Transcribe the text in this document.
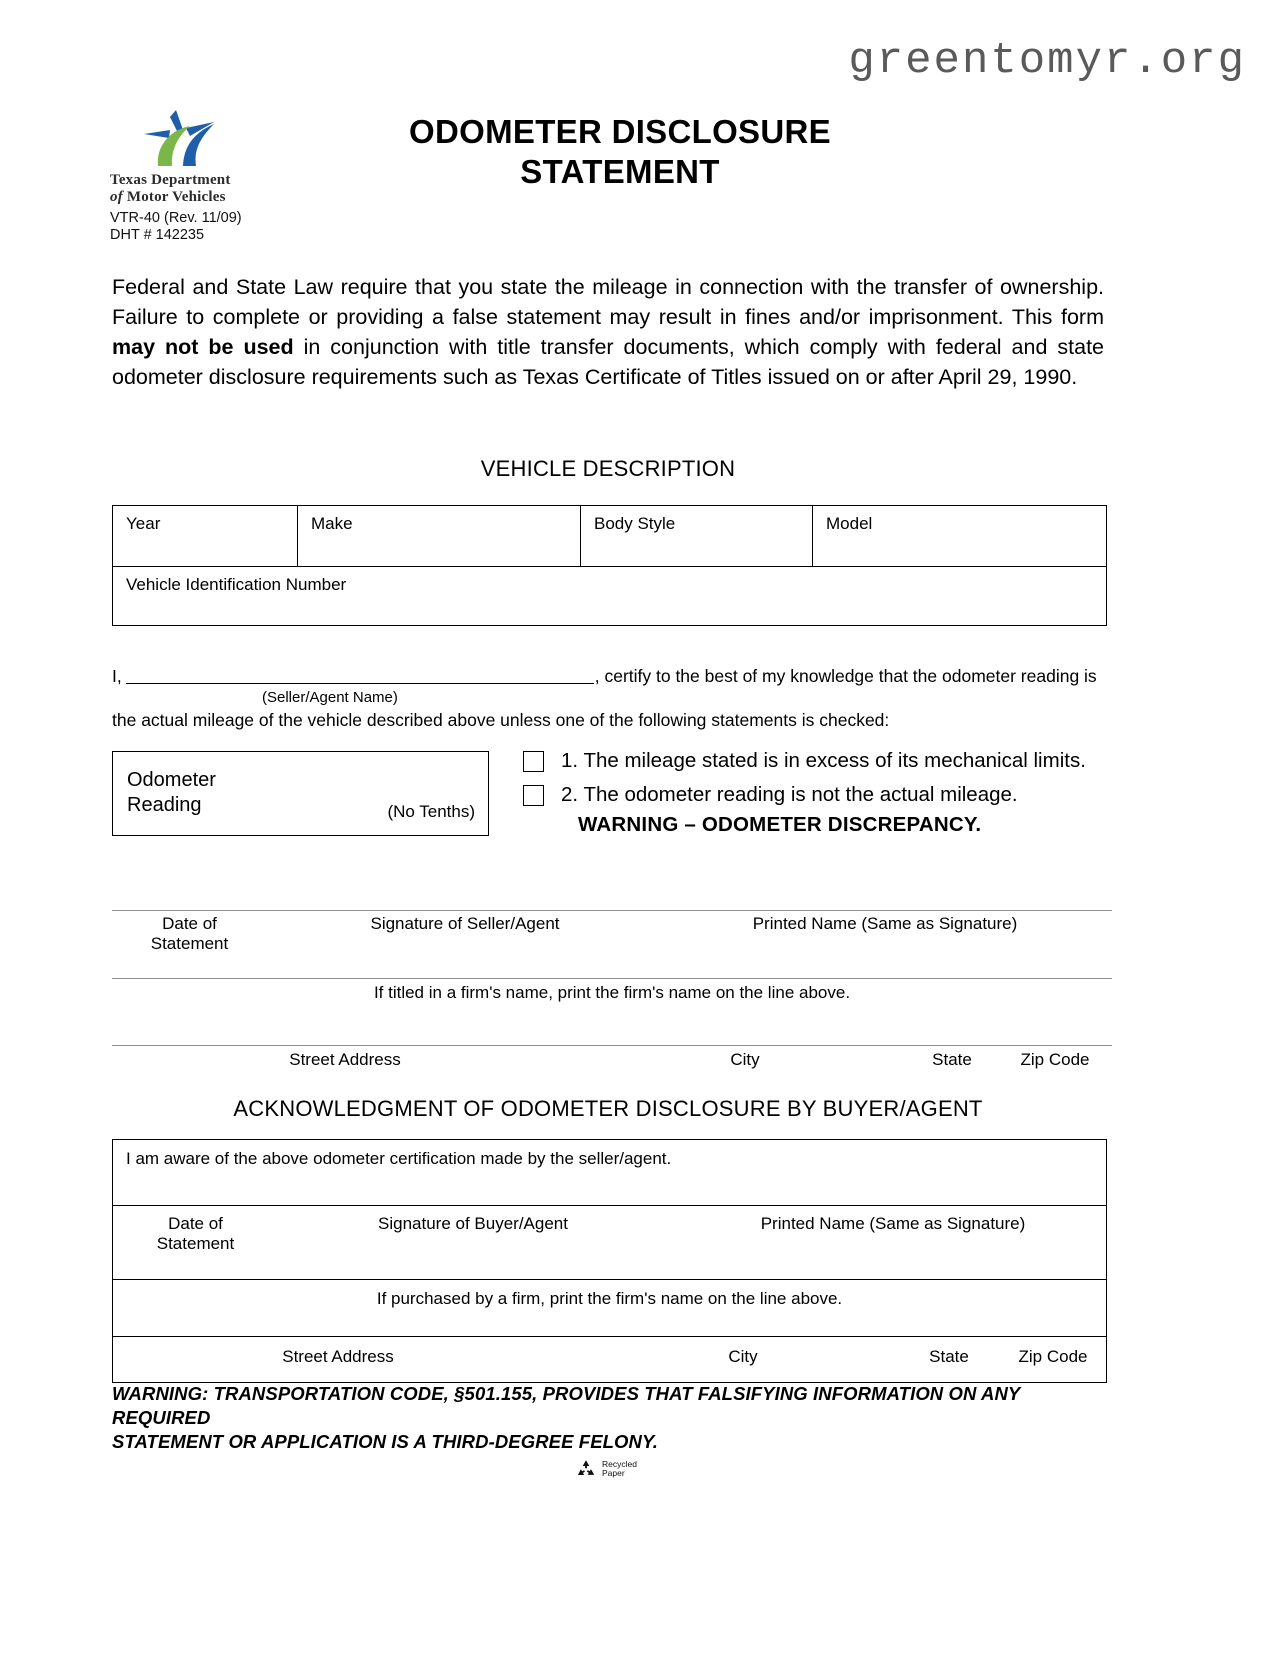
greentomyr.org
Texas Department
of Motor Vehicles
VTR-40 (Rev. 11/09)
DHT # 142235
ODOMETER DISCLOSURE
STATEMENT
Federal and State Law require that you state the mileage in connection with the transfer of ownership. Failure to complete or providing a false statement may result in fines and/or imprisonment. This form may not be used in conjunction with title transfer documents, which comply with federal and state odometer disclosure requirements such as Texas Certificate of Titles issued on or after April 29, 1990.
VEHICLE DESCRIPTION
Year	Make	Body Style	Model
Vehicle Identification Number
I,	, certify to the best of my knowledge that the odometer reading is
(Seller/Agent Name)
the actual mileage of the vehicle described above unless one of the following statements is checked:
Odometer
Reading	(No Tenths)
1. The mileage stated is in excess of its mechanical limits.
2. The odometer reading is not the actual mileage.
WARNING – ODOMETER DISCREPANCY.
Date of
Statement
Signature of Seller/Agent	Printed Name (Same as Signature)
If titled in a firm's name, print the firm's name on the line above.
Street Address	City	State	Zip Code
ACKNOWLEDGMENT OF ODOMETER DISCLOSURE BY BUYER/AGENT
I am aware of the above odometer certification made by the seller/agent.
Date of
Statement
Signature of Buyer/Agent	Printed Name (Same as Signature)
If purchased by a firm, print the firm's name on the line above.
Street Address	City	State	Zip Code
WARNING: TRANSPORTATION CODE, §501.155, PROVIDES THAT FALSIFYING INFORMATION ON ANY REQUIRED
STATEMENT OR APPLICATION IS A THIRD-DEGREE FELONY.
Recycled
Paper
